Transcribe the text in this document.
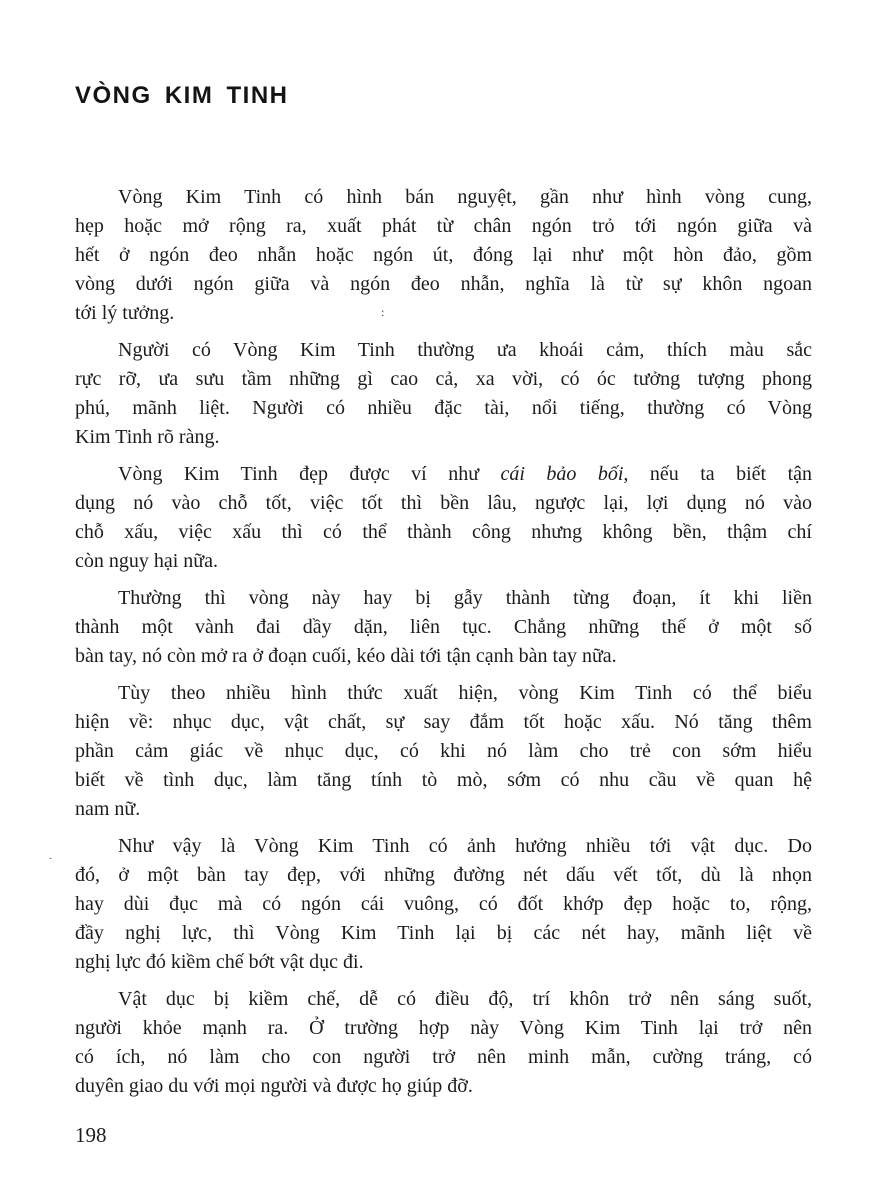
VÒNG KIM TINH

Vòng Kim Tinh có hình bán nguyệt, gần như hình vòng cung,
hẹp hoặc mở rộng ra, xuất phát từ chân ngón trỏ tới ngón giữa và
hết ở ngón đeo nhẫn hoặc ngón út, đóng lại như một hòn đảo, gồm
vòng dưới ngón giữa và ngón đeo nhẫn, nghĩa là từ sự khôn ngoan
tới lý tưởng.

Người có Vòng Kim Tinh thường ưa khoái cảm, thích màu sắc
rực rỡ, ưa sưu tầm những gì cao cả, xa vời, có óc tưởng tượng phong
phú, mãnh liệt. Người có nhiều đặc tài, nổi tiếng, thường có Vòng
Kim Tinh rõ ràng.

Vòng Kim Tinh đẹp được ví như cái bảo bối, nếu ta biết tận
dụng nó vào chỗ tốt, việc tốt thì bền lâu, ngược lại, lợi dụng nó vào
chỗ xấu, việc xấu thì có thể thành công nhưng không bền, thậm chí
còn nguy hại nữa.

Thường thì vòng này hay bị gẫy thành từng đoạn, ít khi liền
thành một vành đai dầy dặn, liên tục. Chẳng những thế ở một số
bàn tay, nó còn mở ra ở đoạn cuối, kéo dài tới tận cạnh bàn tay nữa.

Tùy theo nhiều hình thức xuất hiện, vòng Kim Tinh có thể biểu
hiện về: nhục dục, vật chất, sự say đắm tốt hoặc xấu. Nó tăng thêm
phần cảm giác về nhục dục, có khi nó làm cho trẻ con sớm hiểu
biết về tình dục, làm tăng tính tò mò, sớm có nhu cầu về quan hệ
nam nữ.

Như vậy là Vòng Kim Tinh có ảnh hưởng nhiều tới vật dục. Do
đó, ở một bàn tay đẹp, với những đường nét dấu vết tốt, dù là nhọn
hay dùi đục mà có ngón cái vuông, có đốt khớp đẹp hoặc to, rộng,
đầy nghị lực, thì Vòng Kim Tinh lại bị các nét hay, mãnh liệt về
nghị lực đó kiềm chế bớt vật dục đi.

Vật dục bị kiềm chế, dễ có điều độ, trí khôn trở nên sáng suốt,
người khỏe mạnh ra. Ở trường hợp này Vòng Kim Tinh lại trở nên
có ích, nó làm cho con người trở nên minh mẫn, cường tráng, có
duyên giao du với mọi người và được họ giúp đỡ.

:
ˋ
198
